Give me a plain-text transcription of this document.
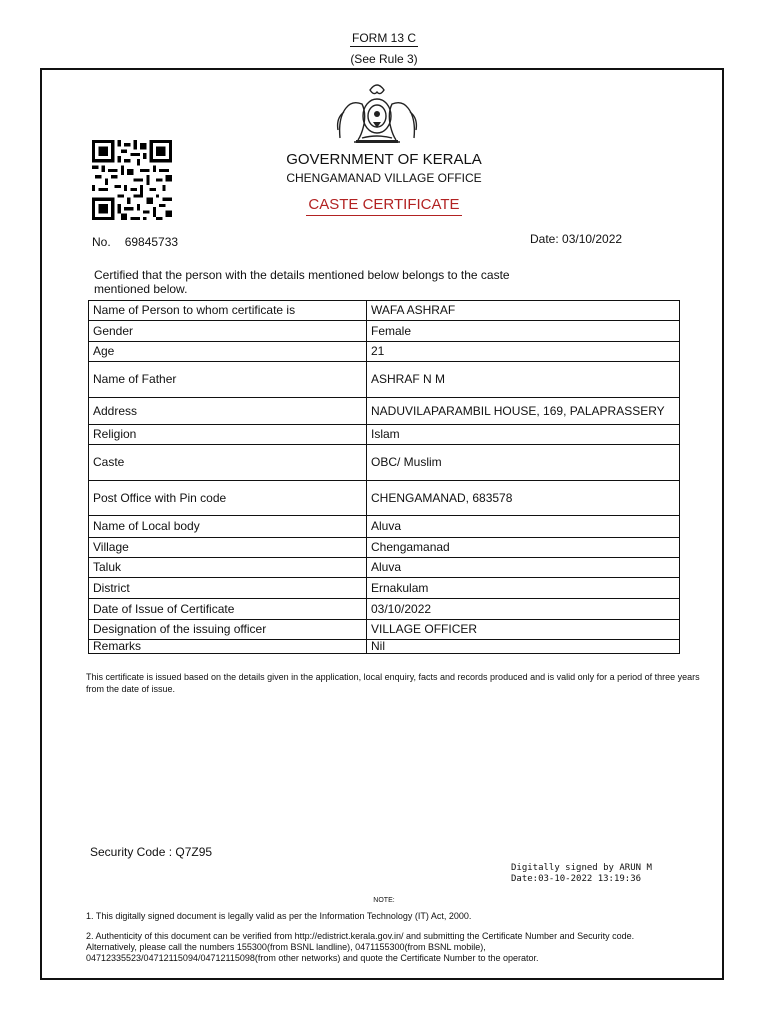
FORM 13 C
(See Rule 3)
GOVERNMENT OF KERALA
CHENGAMANAD VILLAGE OFFICE
CASTE CERTIFICATE
No. 69845733	Date: 03/10/2022
Certified that the person with the details mentioned below belongs to the caste mentioned below.
Name of Person to whom certificate is	WAFA ASHRAF
Gender	Female
Age	21
Name of Father	ASHRAF N M
Address	NADUVILAPARAMBIL HOUSE, 169, PALAPRASSERY
Religion	Islam
Caste	OBC/ Muslim
Post Office with Pin code	CHENGAMANAD, 683578
Name of Local body	Aluva
Village	Chengamanad
Taluk	Aluva
District	Ernakulam
Date of Issue of Certificate	03/10/2022
Designation of the issuing officer	VILLAGE OFFICER
Remarks	Nil
This certificate is issued based on the details given in the application, local enquiry, facts and records produced and is valid only for a period of three years from the date of issue.
Security Code : Q7Z95
Digitally signed by ARUN M
Date:03-10-2022 13:19:36
NOTE:
1. This digitally signed document is legally valid as per the Information Technology (IT) Act, 2000.
2. Authenticity of this document can be verified from http://edistrict.kerala.gov.in/ and submitting the Certificate Number and Security code. Alternatively, please call the numbers 155300(from BSNL landline), 0471155300(from BSNL mobile), 04712335523/04712115094/04712115098(from other networks) and quote the Certificate Number to the operator.
